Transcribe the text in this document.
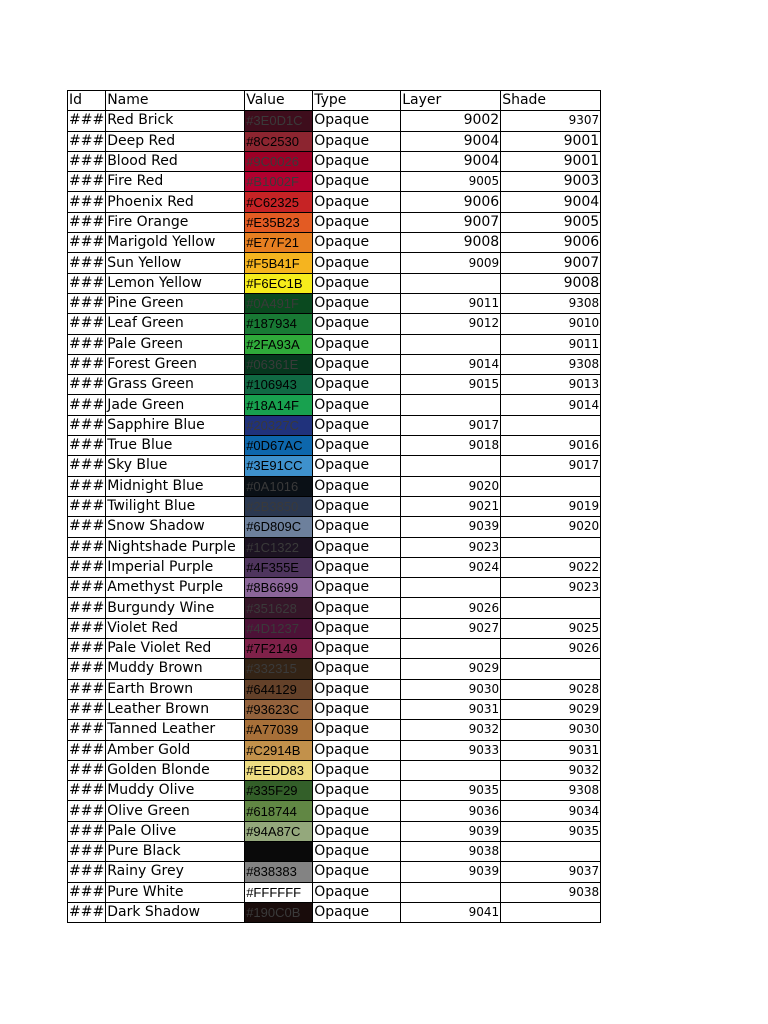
Id	Name	Value	Type	Layer	Shade
###	Red Brick	#3E0D1C	Opaque	9002	9307
###	Deep Red	#8C2530	Opaque	9004	9001
###	Blood Red	#9C0026	Opaque	9004	9001
###	Fire Red	#B1002F	Opaque	9005	9003
###	Phoenix Red	#C62325	Opaque	9006	9004
###	Fire Orange	#E35B23	Opaque	9007	9005
###	Marigold Yellow	#E77F21	Opaque	9008	9006
###	Sun Yellow	#F5B41F	Opaque	9009	9007
###	Lemon Yellow	#F6EC1B	Opaque		9008
###	Pine Green	#0A491F	Opaque	9011	9308
###	Leaf Green	#187934	Opaque	9012	9010
###	Pale Green	#2FA93A	Opaque		9011
###	Forest Green	#06361E	Opaque	9014	9308
###	Grass Green	#106943	Opaque	9015	9013
###	Jade Green	#18A14F	Opaque		9014
###	Sapphire Blue	#20327C	Opaque	9017	
###	True Blue	#0D67AC	Opaque	9018	9016
###	Sky Blue	#3E91CC	Opaque		9017
###	Midnight Blue	#0A1016	Opaque	9020	
###	Twilight Blue	#2B3850	Opaque	9021	9019
###	Snow Shadow	#6D809C	Opaque	9039	9020
###	Nightshade Purple	#1C1322	Opaque	9023	
###	Imperial Purple	#4F355E	Opaque	9024	9022
###	Amethyst Purple	#8B6699	Opaque		9023
###	Burgundy Wine	#351628	Opaque	9026	
###	Violet Red	#4D1237	Opaque	9027	9025
###	Pale Violet Red	#7F2149	Opaque		9026
###	Muddy Brown	#332315	Opaque	9029	
###	Earth Brown	#644129	Opaque	9030	9028
###	Leather Brown	#93623C	Opaque	9031	9029
###	Tanned Leather	#A77039	Opaque	9032	9030
###	Amber Gold	#C2914B	Opaque	9033	9031
###	Golden Blonde	#EEDD83	Opaque		9032
###	Muddy Olive	#335F29	Opaque	9035	9308
###	Olive Green	#618744	Opaque	9036	9034
###	Pale Olive	#94A87C	Opaque	9039	9035
###	Pure Black		Opaque	9038	
###	Rainy Grey	#838383	Opaque	9039	9037
###	Pure White	#FFFFFF	Opaque		9038
###	Dark Shadow	#190C0B	Opaque	9041	
